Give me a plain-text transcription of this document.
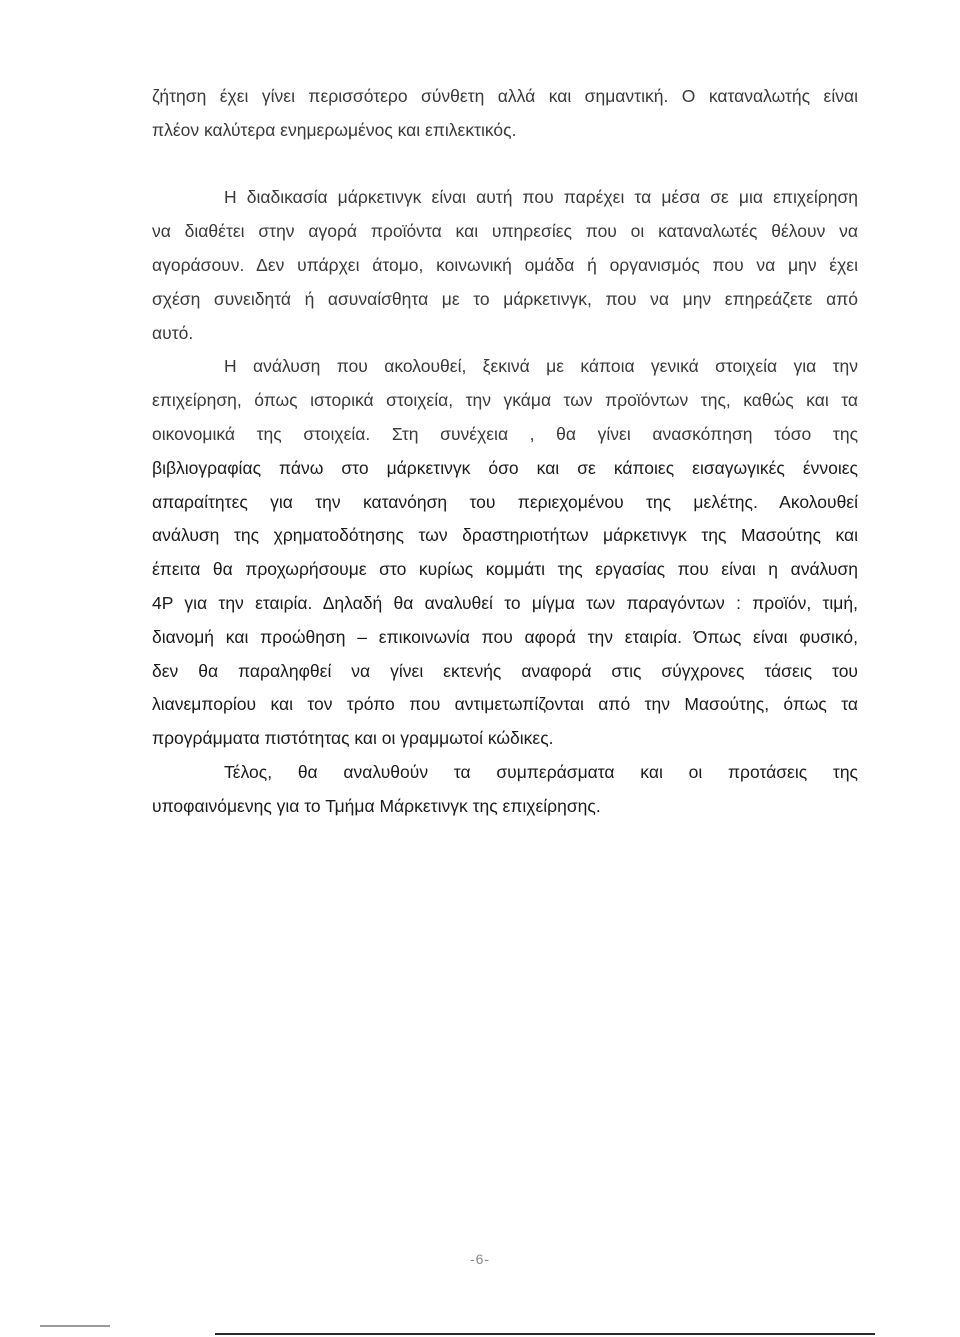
ζήτηση έχει γίνει περισσότερο σύνθετη αλλά και σημαντική. Ο καταναλωτής είναι
πλέον καλύτερα ενημερωμένος και επιλεκτικός.
Η διαδικασία μάρκετινγκ είναι αυτή που παρέχει τα μέσα σε μια επιχείρηση
να διαθέτει στην αγορά προϊόντα και υπηρεσίες που οι καταναλωτές θέλουν να
αγοράσουν. Δεν υπάρχει άτομο, κοινωνική ομάδα ή οργανισμός που να μην έχει
σχέση συνειδητά ή ασυναίσθητα με το μάρκετινγκ, που να μην επηρεάζετε από
αυτό.
Η ανάλυση που ακολουθεί, ξεκινά με κάποια γενικά στοιχεία για την
επιχείρηση, όπως ιστορικά στοιχεία, την γκάμα των προϊόντων της, καθώς και τα
οικονομικά της στοιχεία. Στη συνέχεια , θα γίνει ανασκόπηση τόσο της
βιβλιογραφίας πάνω στο μάρκετινγκ όσο και σε κάποιες εισαγωγικές έννοιες
απαραίτητες για την κατανόηση του περιεχομένου της μελέτης. Ακολουθεί
ανάλυση της χρηματοδότησης των δραστηριοτήτων μάρκετινγκ της Μασούτης και
έπειτα θα προχωρήσουμε στο κυρίως κομμάτι της εργασίας που είναι η ανάλυση
4Ρ για την εταιρία. Δηλαδή θα αναλυθεί το μίγμα των παραγόντων : προϊόν, τιμή,
διανομή και προώθηση – επικοινωνία που αφορά την εταιρία. Όπως είναι φυσικό,
δεν θα παραληφθεί να γίνει εκτενής αναφορά στις σύγχρονες τάσεις του
λιανεμπορίου και τον τρόπο που αντιμετωπίζονται από την Μασούτης, όπως τα
προγράμματα πιστότητας και οι γραμμωτοί κώδικες.
Τέλος, θα αναλυθούν τα συμπεράσματα και οι προτάσεις της
υποφαινόμενης για το Τμήμα Μάρκετινγκ της επιχείρησης.
-6-
